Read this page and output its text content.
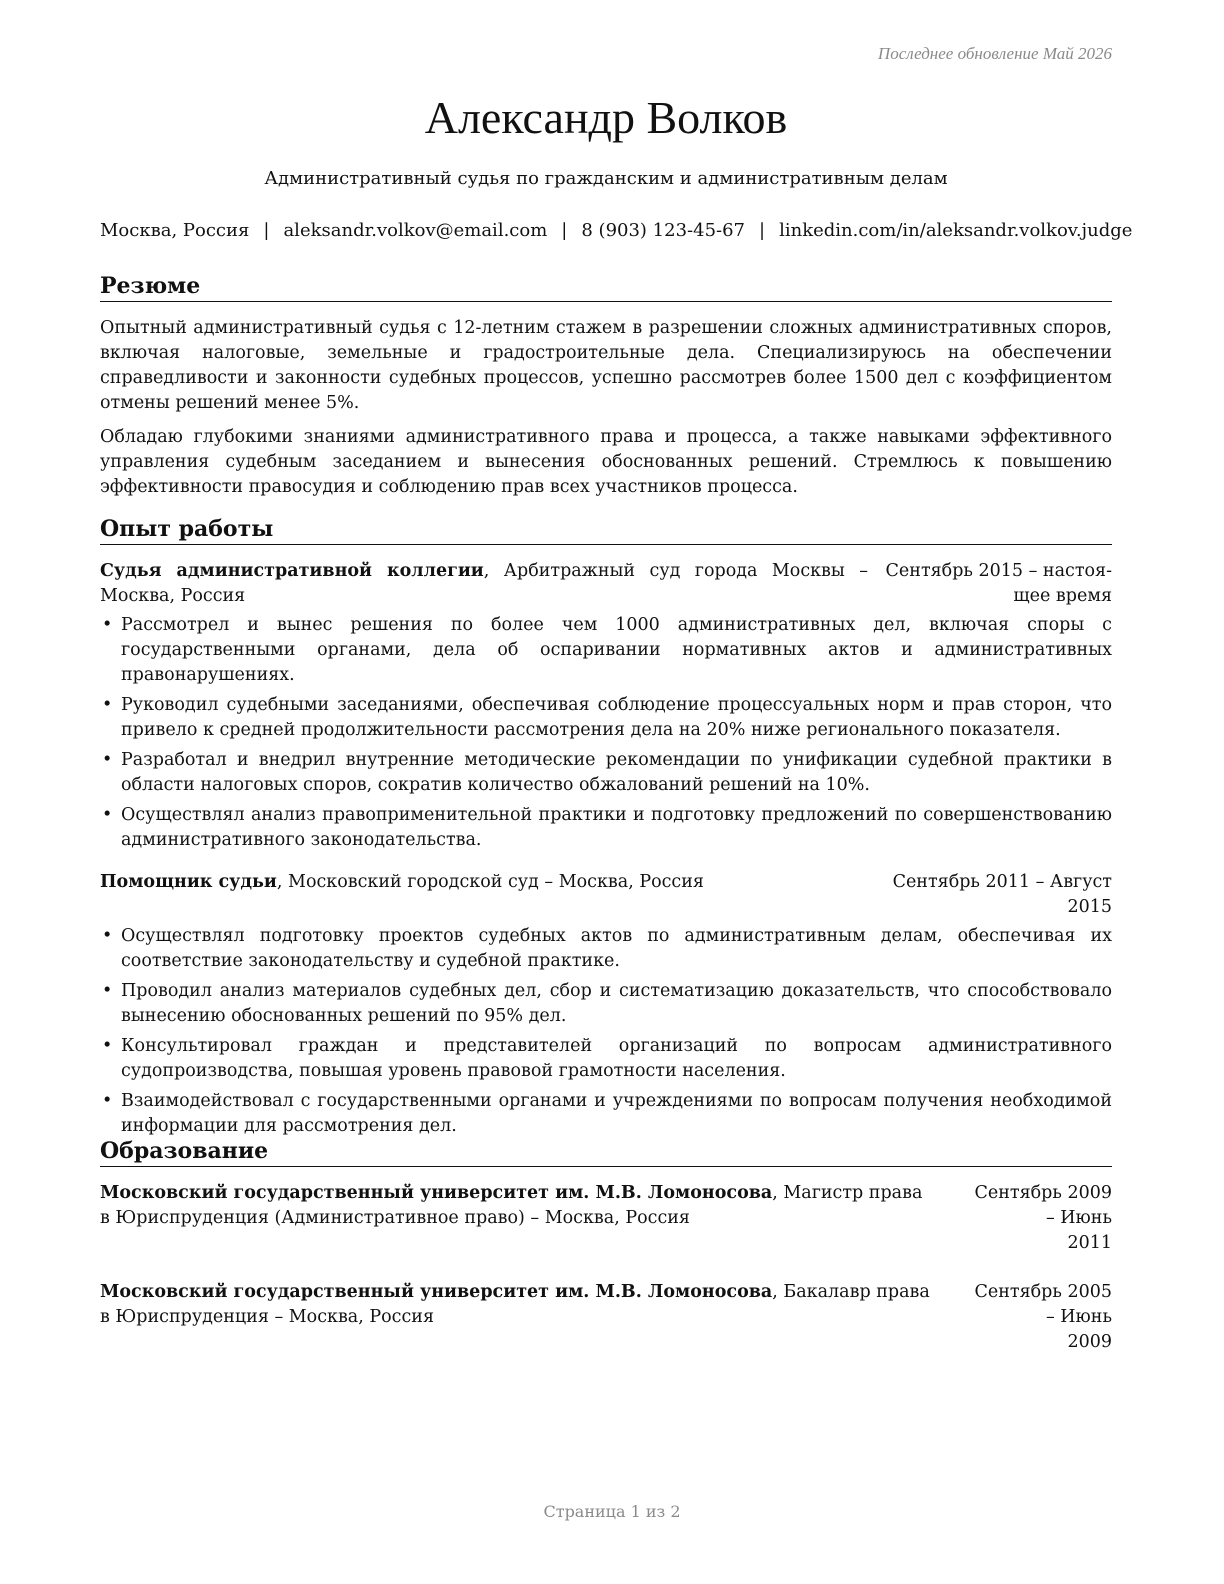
Последнее обновление Май 2026
Александр Волков
Административный судья по гражданским и административным делам
Москва, Россия | aleksandr.volkov@email.com | 8 (903) 123-45-67 | linkedin.com/in/aleksandr.volkov.judge
Резюме

Опытный административный судья с 12-летним стажем в разрешении сложных административных споров, включая налоговые, земельные и градостроительные дела. Специализируюсь на обеспечении справедливости и законности судебных процессов, успешно рассмотрев более 1500 дел с коэффициентом отмены решений менее 5%.

Обладаю глубокими знаниями административного права и процесса, а также навыками эффективного управления судебным заседанием и вынесения обоснованных решений. Стремлюсь к повышению эффективности правосудия и соблюдению прав всех участников процесса.

Опыт работы
Судья административной коллегии, Арбитражный суд города Москвы – Москва, Россия
Сентябрь 2015 – настоя-
щее время
• Рассмотрел и вынес решения по более чем 1000 административных дел, включая споры с государственными органами, дела об оспаривании нормативных актов и административных правонарушениях.
• Руководил судебными заседаниями, обеспечивая соблюдение процессуальных норм и прав сторон, что привело к средней продолжительности рассмотрения дела на 20% ниже регионального показателя.
• Разработал и внедрил внутренние методические рекомендации по унификации судебной практики в области налоговых споров, сократив количество обжалований решений на 10%.
• Осуществлял анализ правоприменительной практики и подготовку предложений по совершенствованию административного законодательства.
Помощник судьи, Московский городской суд – Москва, Россия	Сентябрь 2011 – Август
2015
• Осуществлял подготовку проектов судебных актов по административным делам, обеспечивая их соответствие законодательству и судебной практике.
• Проводил анализ материалов судебных дел, сбор и систематизацию доказательств, что способствовало вынесению обоснованных решений по 95% дел.
• Консультировал граждан и представителей организаций по вопросам административного судопроизводства, повышая уровень правовой грамотности населения.
• Взаимодействовал с государственными органами и учреждениями по вопросам получения необходимой информации для рассмотрения дел.
Образование
Московский государственный университет им. М.В. Ломоносова, Магистр права
в Юриспруденция (Административное право) – Москва, Россия
Сентябрь 2009 – Июнь
2011
Московский государственный университет им. М.В. Ломоносова, Бакалавр права
в Юриспруденция – Москва, Россия
Сентябрь 2005 – Июнь
2009
Страница 1 из 2
